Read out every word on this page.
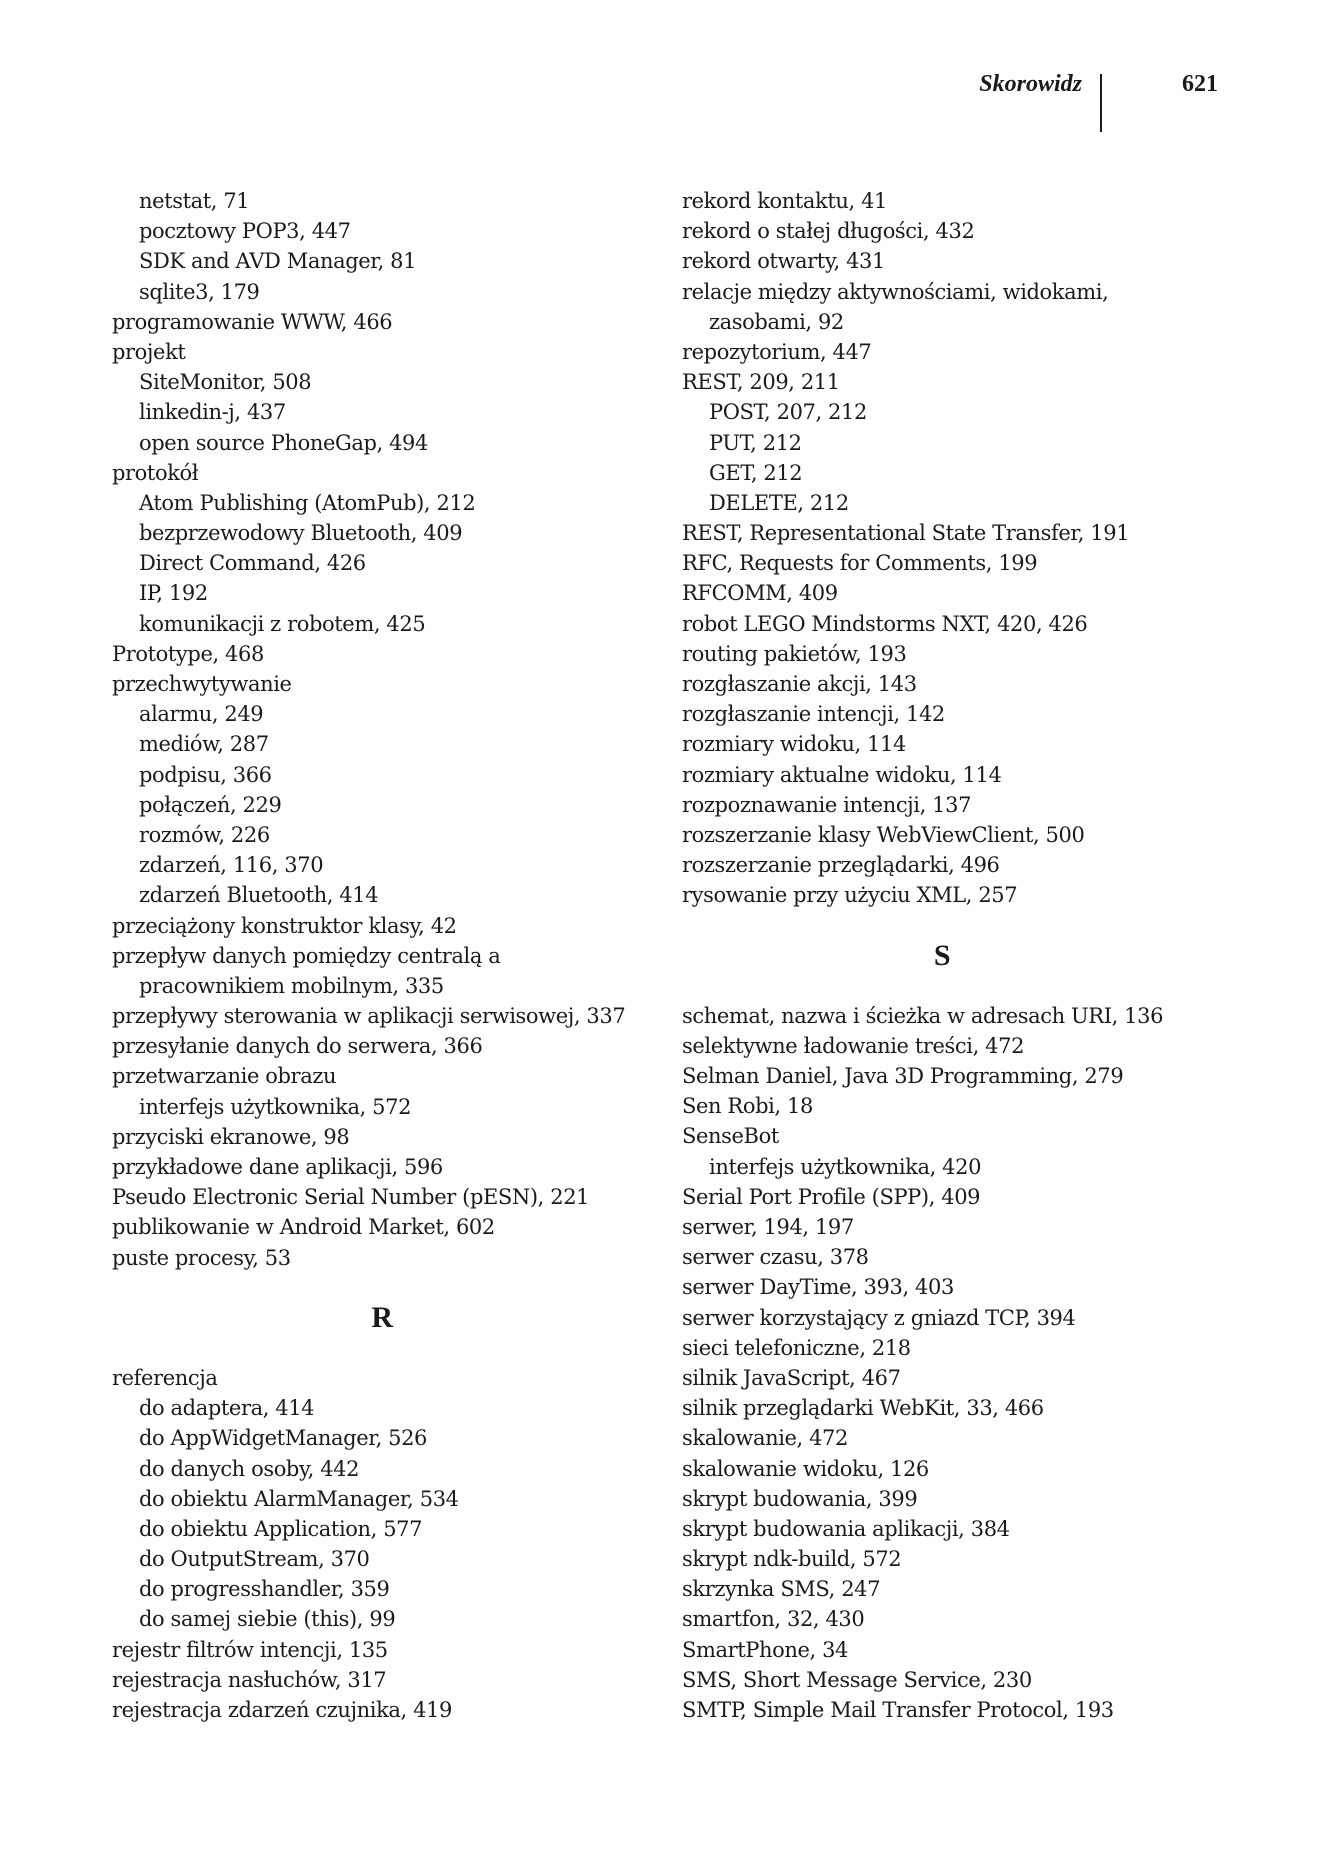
Skorowidz	621
netstat, 71
pocztowy POP3, 447
SDK and AVD Manager, 81
sqlite3, 179
programowanie WWW, 466
projekt
SiteMonitor, 508
linkedin-j, 437
open source PhoneGap, 494
protokół
Atom Publishing (AtomPub), 212
bezprzewodowy Bluetooth, 409
Direct Command, 426
IP, 192
komunikacji z robotem, 425
Prototype, 468
przechwytywanie
alarmu, 249
mediów, 287
podpisu, 366
połączeń, 229
rozmów, 226
zdarzeń, 116, 370
zdarzeń Bluetooth, 414
przeciążony konstruktor klasy, 42
przepływ danych pomiędzy centralą a
pracownikiem mobilnym, 335
przepływy sterowania w aplikacji serwisowej, 337
przesyłanie danych do serwera, 366
przetwarzanie obrazu
interfejs użytkownika, 572
przyciski ekranowe, 98
przykładowe dane aplikacji, 596
Pseudo Electronic Serial Number (pESN), 221
publikowanie w Android Market, 602
puste procesy, 53
R
referencja
do adaptera, 414
do AppWidgetManager, 526
do danych osoby, 442
do obiektu AlarmManager, 534
do obiektu Application, 577
do OutputStream, 370
do progresshandler, 359
do samej siebie (this), 99
rejestr filtrów intencji, 135
rejestracja nasłuchów, 317
rejestracja zdarzeń czujnika, 419
rekord kontaktu, 41
rekord o stałej długości, 432
rekord otwarty, 431
relacje między aktywnościami, widokami,
zasobami, 92
repozytorium, 447
REST, 209, 211
POST, 207, 212
PUT, 212
GET, 212
DELETE, 212
REST, Representational State Transfer, 191
RFC, Requests for Comments, 199
RFCOMM, 409
robot LEGO Mindstorms NXT, 420, 426
routing pakietów, 193
rozgłaszanie akcji, 143
rozgłaszanie intencji, 142
rozmiary widoku, 114
rozmiary aktualne widoku, 114
rozpoznawanie intencji, 137
rozszerzanie klasy WebViewClient, 500
rozszerzanie przeglądarki, 496
rysowanie przy użyciu XML, 257
S
schemat, nazwa i ścieżka w adresach URI, 136
selektywne ładowanie treści, 472
Selman Daniel, Java 3D Programming, 279
Sen Robi, 18
SenseBot
interfejs użytkownika, 420
Serial Port Profile (SPP), 409
serwer, 194, 197
serwer czasu, 378
serwer DayTime, 393, 403
serwer korzystający z gniazd TCP, 394
sieci telefoniczne, 218
silnik JavaScript, 467
silnik przeglądarki WebKit, 33, 466
skalowanie, 472
skalowanie widoku, 126
skrypt budowania, 399
skrypt budowania aplikacji, 384
skrypt ndk-build, 572
skrzynka SMS, 247
smartfon, 32, 430
SmartPhone, 34
SMS, Short Message Service, 230
SMTP, Simple Mail Transfer Protocol, 193
